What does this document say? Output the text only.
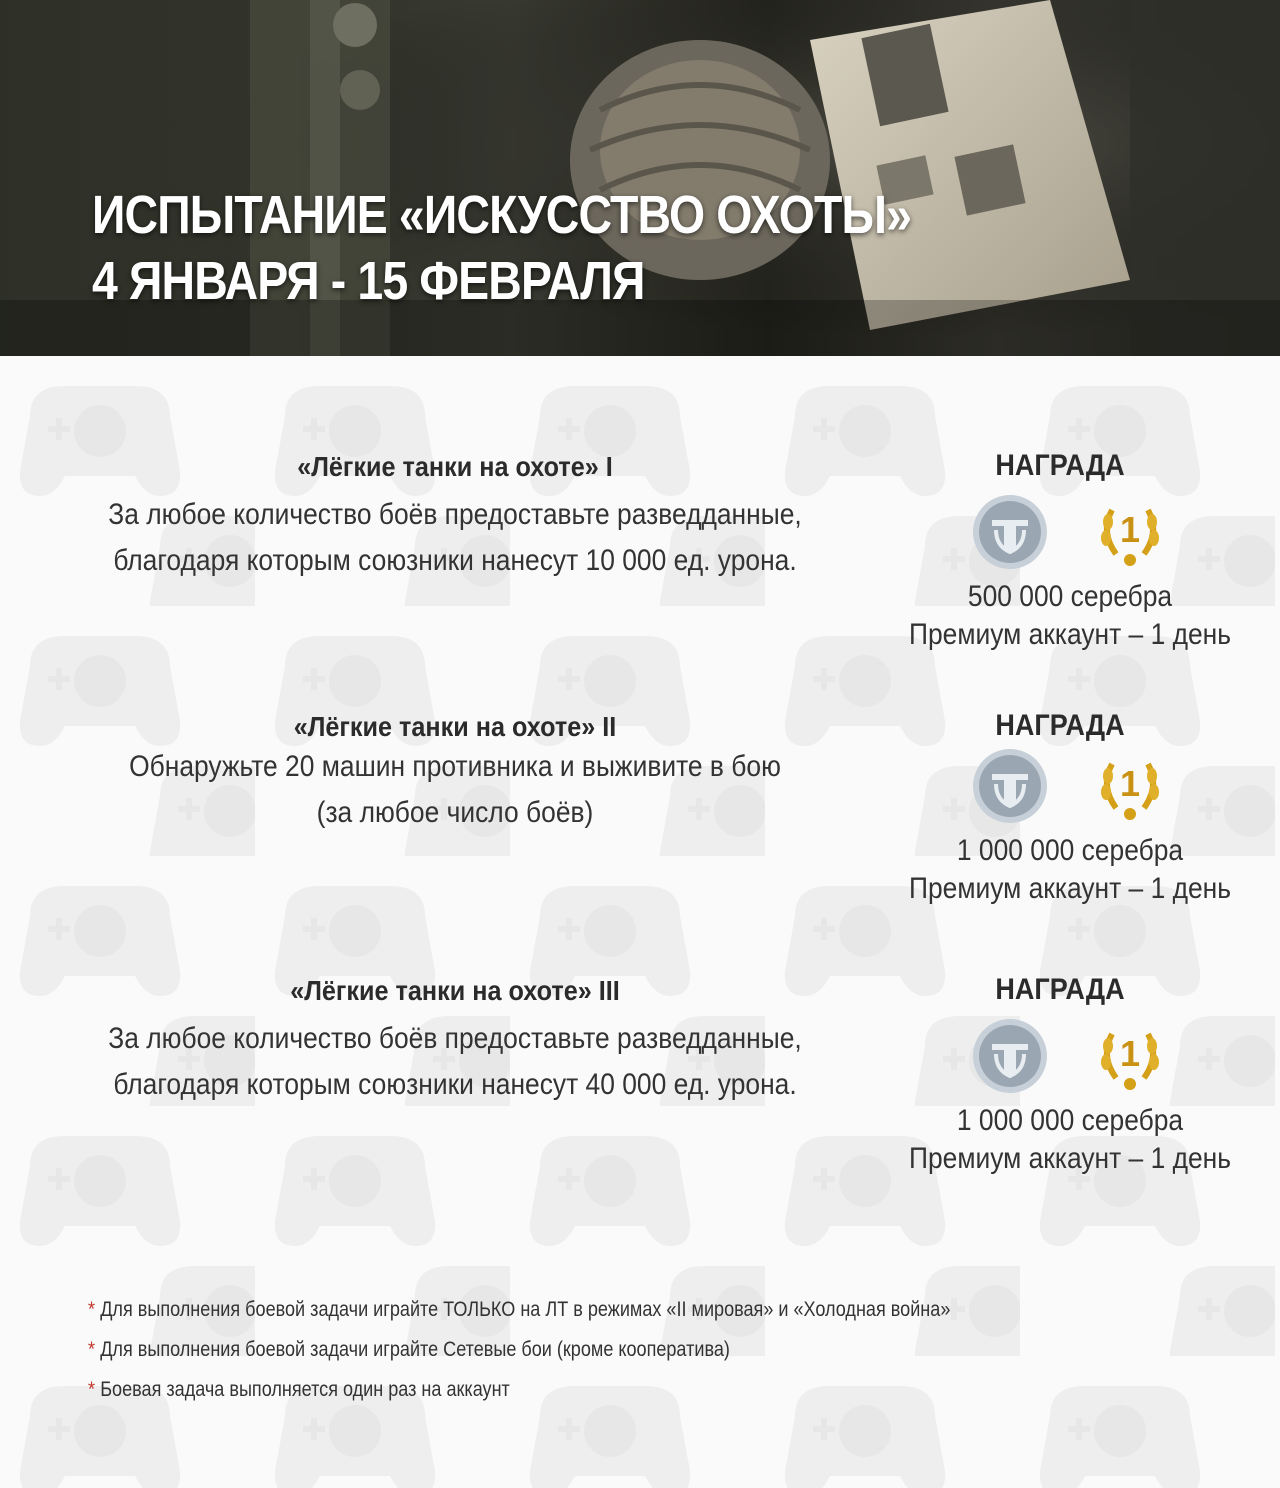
ИСПЫТАНИЕ «ИСКУССТВО ОХОТЫ»
4 ЯНВАРЯ - 15 ФЕВРАЛЯ
«Лёгкие танки на охоте» I
За любое количество боёв предоставьте разведданные,
благодаря которым союзники нанесут 10 000 ед. урона.
НАГРАДА
1
500 000 серебра
Премиум аккаунт – 1 день
«Лёгкие танки на охоте» II
Обнаружьте 20 машин противника и выживите в бою
(за любое число боёв)
НАГРАДА
1
1 000 000 серебра
Премиум аккаунт – 1 день
«Лёгкие танки на охоте» III
За любое количество боёв предоставьте разведданные,
благодаря которым союзники нанесут 40 000 ед. урона.
НАГРАДА
1
1 000 000 серебра
Премиум аккаунт – 1 день
* Для выполнения боевой задачи играйте ТОЛЬКО на ЛТ в режимах «II мировая» и «Холодная война»
* Для выполнения боевой задачи играйте Сетевые бои (кроме кооператива)
* Боевая задача выполняется один раз на аккаунт
